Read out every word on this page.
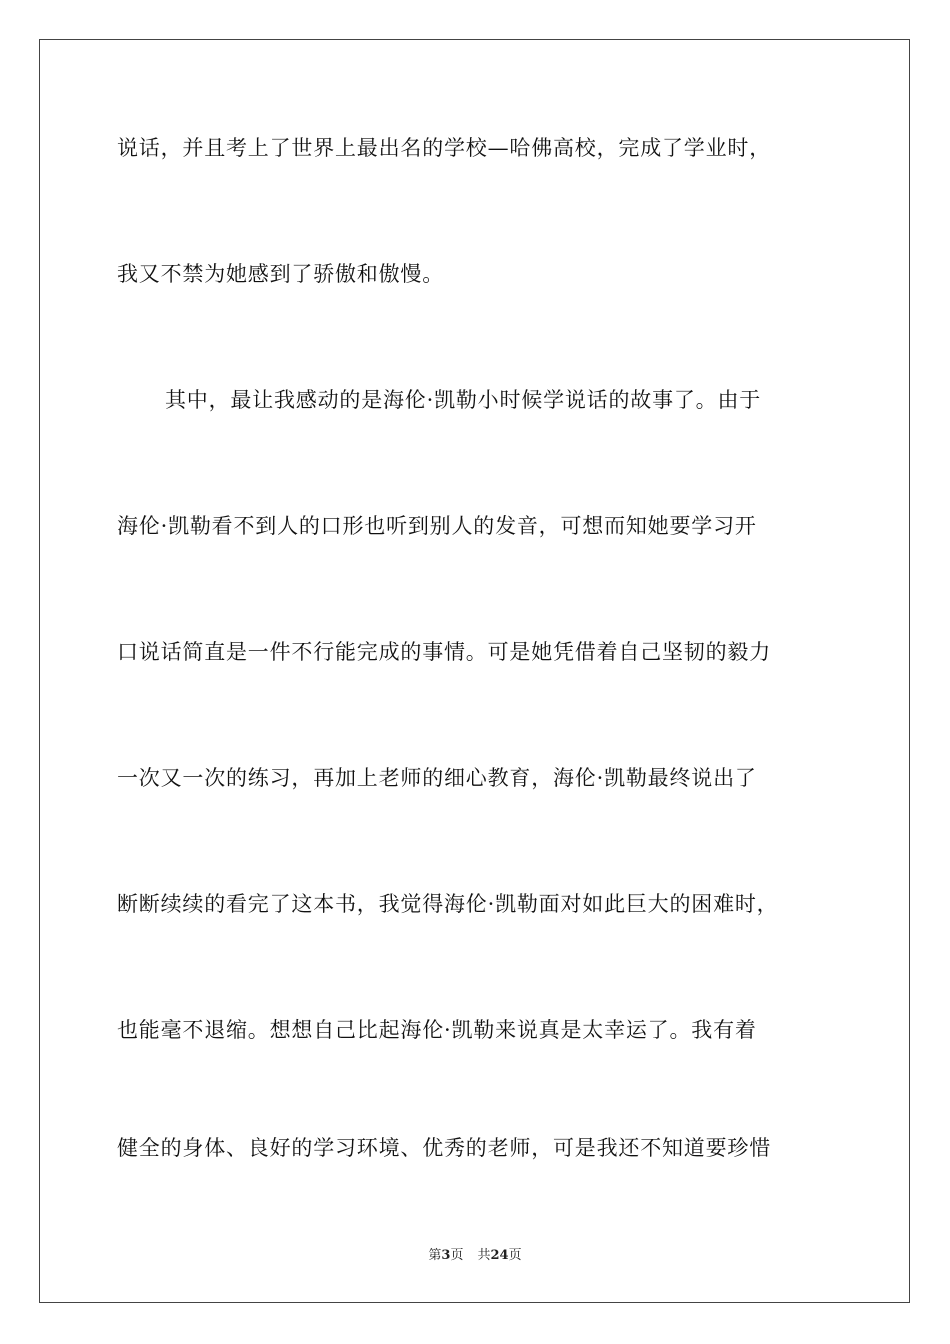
说话，并且考上了世界上最出名的学校—哈佛高校，完成了学业时，
我又不禁为她感到了骄傲和傲慢。
其中，最让我感动的是海伦·凯勒小时候学说话的故事了。由于
海伦·凯勒看不到人的口形也听到别人的发音，可想而知她要学习开
口说话简直是一件不行能完成的事情。可是她凭借着自己坚韧的毅力
一次又一次的练习，再加上老师的细心教育，海伦·凯勒最终说出了
断断续续的看完了这本书，我觉得海伦·凯勒面对如此巨大的困难时，
也能毫不退缩。想想自己比起海伦·凯勒来说真是太幸运了。我有着
健全的身体、良好的学习环境、优秀的老师，可是我还不知道要珍惜
第3页 共24页
